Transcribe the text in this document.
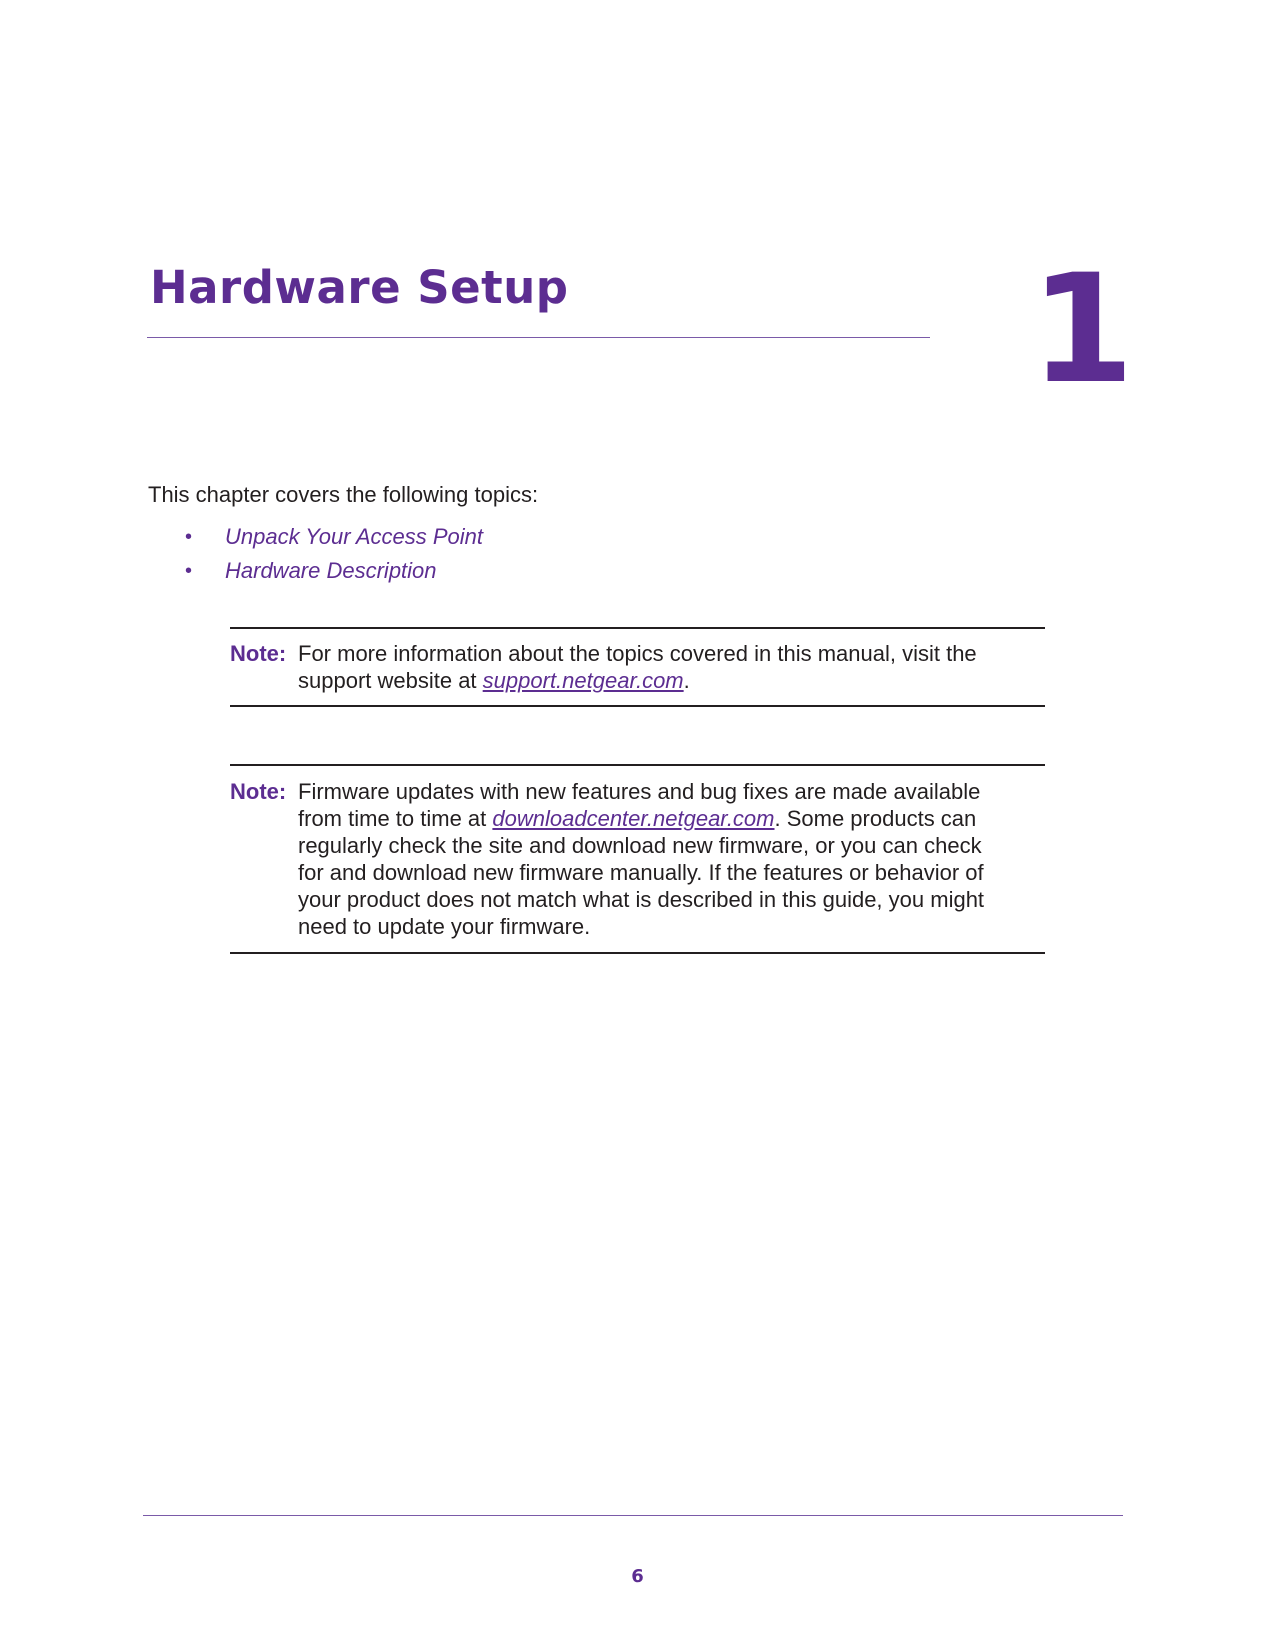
Hardware Setup	1

This chapter covers the following topics:

• Unpack Your Access Point
• Hardware Description
Note: For more information about the topics covered in this manual, visit the support website at support.netgear.com.
Note: Firmware updates with new features and bug fixes are made available from time to time at downloadcenter.netgear.com. Some products can regularly check the site and download new firmware, or you can check for and download new firmware manually. If the features or behavior of your product does not match what is described in this guide, you might need to update your firmware.
6
